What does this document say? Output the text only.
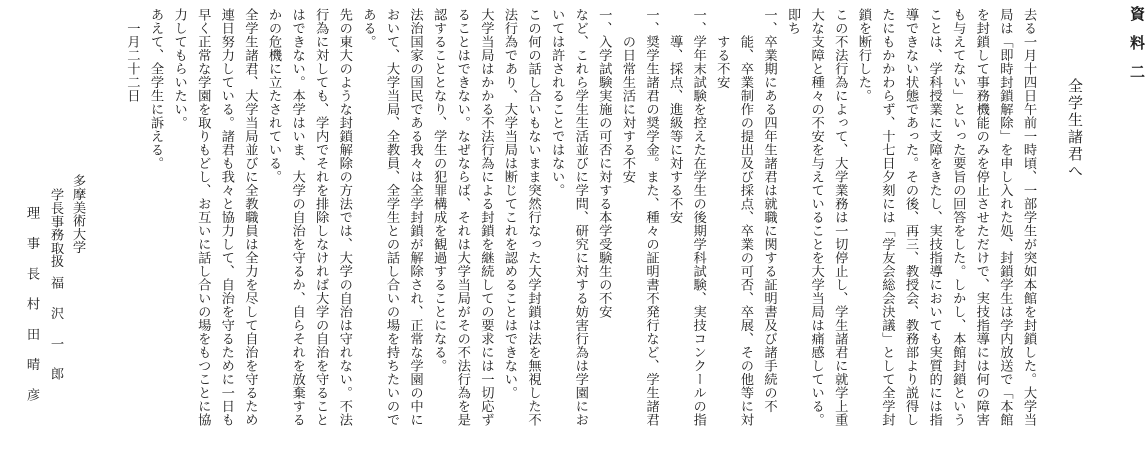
資料二
全学生諸君へ
去る一月十四日午前一時頃、一部学生が突如本館を封鎖した。大学当
局は「即時封鎖解除」を申し入れた処、封鎖学生は学内放送で「本館
を封鎖して事務機能のみを停止させただけで、実技指導には何の障害
も与えてない」といった要旨の回答をした。しかし、本館封鎖という
ことは、学科授業に支障をきたし、実技指導においても実質的には指
導できない状態であった。その後、再三、教授会、教務部より説得し
たにもかかわらず、十七日夕刻には「学友会総会決議」として全学封
鎖を断行した。
この不法行為によって、大学業務は一切停止し、学生諸君に就学上重
大な支障と種々の不安を与えていることを大学当局は痛感している。
即ち
一、卒業期にある四年生諸君は就職に関する証明書及び諸手続の不
　　能、卒業制作の提出及び採点、卒業の可否、卒展、その他等に対
　　する不安
一、学年末試験を控えた在学生の後期学科試験、実技コンクールの指
　　導、採点、進級等に対する不安
一、奨学生諸君の奨学金。また、種々の証明書不発行など、学生諸君
　　の日常生活に対する不安
一、入学試験実施の可否に対する本学受験生の不安
など、これら学生生活並びに学問、研究に対する妨害行為は学園にお
いては許されることではない。
この何の話し合いもないまま突然行なった大学封鎖は法を無視した不
法行為であり、大学当局は断じてこれを認めることはできない。
大学当局はかかる不法行為による封鎖を継続しての要求には一切応ず
ることはできない。なぜならば、それは大学当局がその不法行為を是
認することとなり、学生の犯罪構成を観過することになる。
法治国家の国民である我々は全学封鎖が解除され、正常な学園の中に
おいて、大学当局、全教員、全学生との話し合いの場を持ちたいので
ある。
先の東大のような封鎖解除の方法では、大学の自治は守れない。不法
行為に対しても、学内でそれを排除しなければ大学の自治を守ること
はできない。本学はいま、大学の自治を守るか、自らそれを放棄する
かの危機に立たされている。
全学生諸君、大学当局並びに全教職員は全力を尽して自治を守るため
連日努力している。諸君も我々と協力して、自治を守るために一日も
早く正常な学園を取りもどし、お互いに話し合いの場をもつことに協
力してもらいたい。
あえて、全学生に訴える。
　一月二十二日
多摩美術大学
学長事務取扱福沢一郎
理事長村田晴彦
